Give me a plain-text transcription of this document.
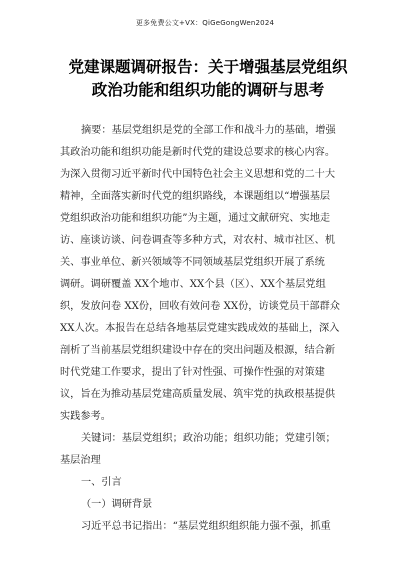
更多免费公文+VX：QiGeGongWen2024
党建课题调研报告：关于增强基层党组织
政治功能和组织功能的调研与思考
摘要：基层党组织是党的全部工作和战斗力的基础，增强
其政治功能和组织功能是新时代党的建设总要求的核心内容。
为深入贯彻习近平新时代中国特色社会主义思想和党的二十大
精神，全面落实新时代党的组织路线，本课题组以“增强基层
党组织政治功能和组织功能”为主题，通过文献研究、实地走
访、座谈访谈、问卷调查等多种方式，对农村、城市社区、机
关、事业单位、新兴领域等不同领域基层党组织开展了系统
调研。调研覆盖 XX个地市、XX个县（区）、XX个基层党组
织，发放问卷 XX份，回收有效问卷 XX份，访谈党员干部群众
XX人次。本报告在总结各地基层党建实践成效的基础上，深入
剖析了当前基层党组织建设中存在的突出问题及根源，结合新
时代党建工作要求，提出了针对性强、可操作性强的对策建
议，旨在为推动基层党建高质量发展、筑牢党的执政根基提供
实践参考。
关键词：基层党组织；政治功能；组织功能；党建引领；
基层治理
一、引言
（一）调研背景
习近平总书记指出：“基层党组织组织能力强不强，抓重
